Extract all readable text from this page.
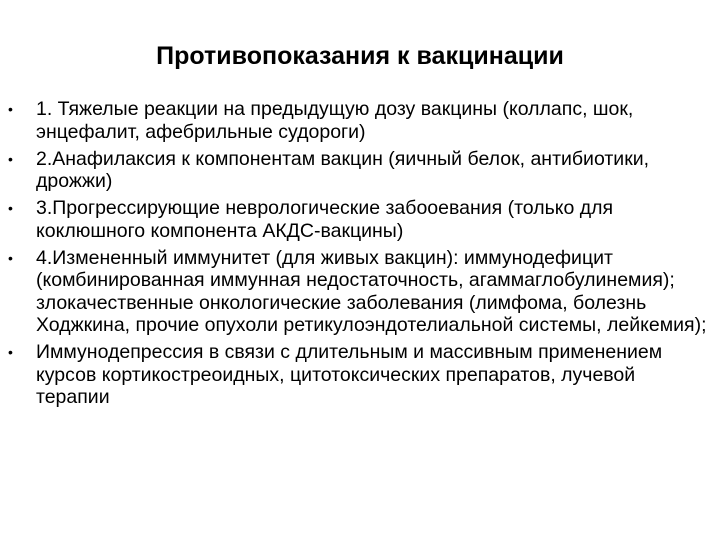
Противопоказания к вакцинации
•	1. Тяжелые реакции на предыдущую дозу вакцины (коллапс, шок, энцефалит, афебрильные судороги)
•	2.Анафилаксия к компонентам вакцин (яичный белок, антибиотики, дрожжи)
•	3.Прогрессирующие неврологические забооевания (только для коклюшного компонента АКДС-вакцины)
•	4.Измененный иммунитет (для живых вакцин): иммунодефицит (комбинированная иммунная недостаточность, агаммаглобулинемия); злокачественные онкологические заболевания (лимфома, болезнь Ходжкина, прочие опухоли ретикулоэндотелиальной системы, лейкемия);
•	Иммунодепрессия в связи с длительным и массивным применением курсов кортикостреоидных, цитотоксических препаратов, лучевой терапии
